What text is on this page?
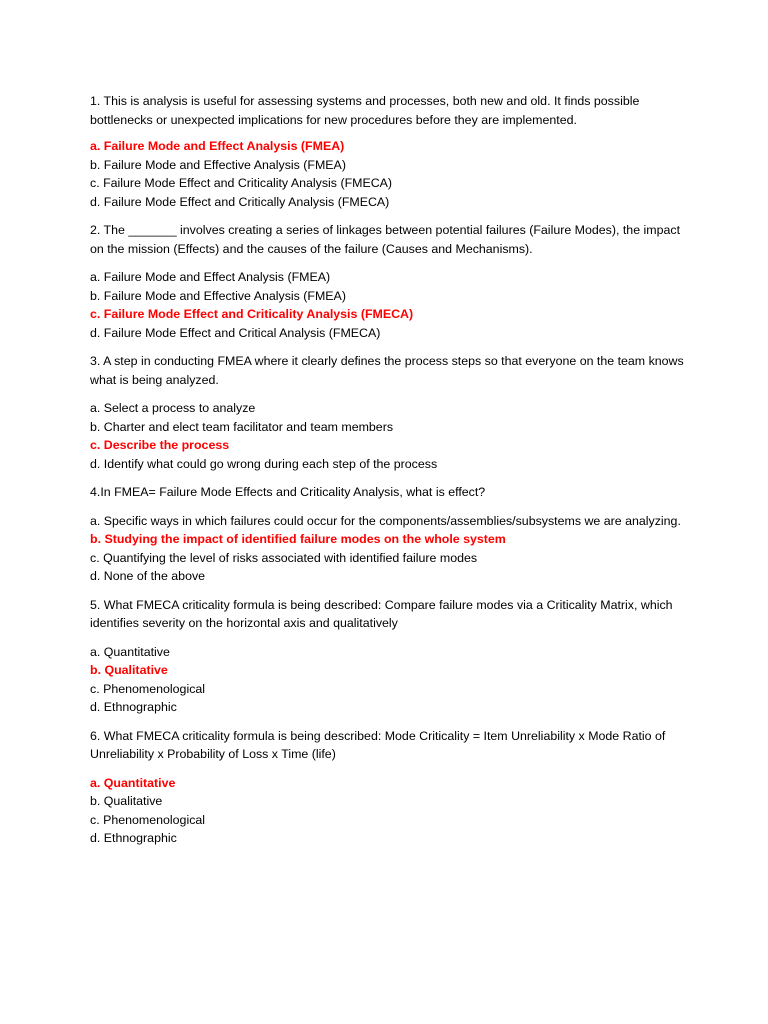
1. This is analysis is useful for assessing systems and processes, both new and old. It finds possible bottlenecks or unexpected implications for new procedures before they are implemented.

a. Failure Mode and Effect Analysis (FMEA)
b. Failure Mode and Effective Analysis (FMEA)
c. Failure Mode Effect and Criticality Analysis (FMECA)
d. Failure Mode Effect and Critically Analysis (FMECA)

2. The _______ involves creating a series of linkages between potential failures (Failure Modes), the impact on the mission (Effects) and the causes of the failure (Causes and Mechanisms).

a. Failure Mode and Effect Analysis (FMEA)
b. Failure Mode and Effective Analysis (FMEA)
c. Failure Mode Effect and Criticality Analysis (FMECA)
d. Failure Mode Effect and Critical Analysis (FMECA)

3. A step in conducting FMEA where it clearly defines the process steps so that everyone on the team knows what is being analyzed.

a. Select a process to analyze
b. Charter and elect team facilitator and team members
c. Describe the process
d. Identify what could go wrong during each step of the process

4.In FMEA= Failure Mode Effects and Criticality Analysis, what is effect?

a. Specific ways in which failures could occur for the components/assemblies/subsystems we are analyzing.
b. Studying the impact of identified failure modes on the whole system
c. Quantifying the level of risks associated with identified failure modes
d. None of the above

5. What FMECA criticality formula is being described: Compare failure modes via a Criticality Matrix, which identifies severity on the horizontal axis and qualitatively

a. Quantitative
b. Qualitative
c. Phenomenological
d. Ethnographic

6. What FMECA criticality formula is being described: Mode Criticality = Item Unreliability x Mode Ratio of Unreliability x Probability of Loss x Time (life)

a. Quantitative
b. Qualitative
c. Phenomenological
d. Ethnographic
